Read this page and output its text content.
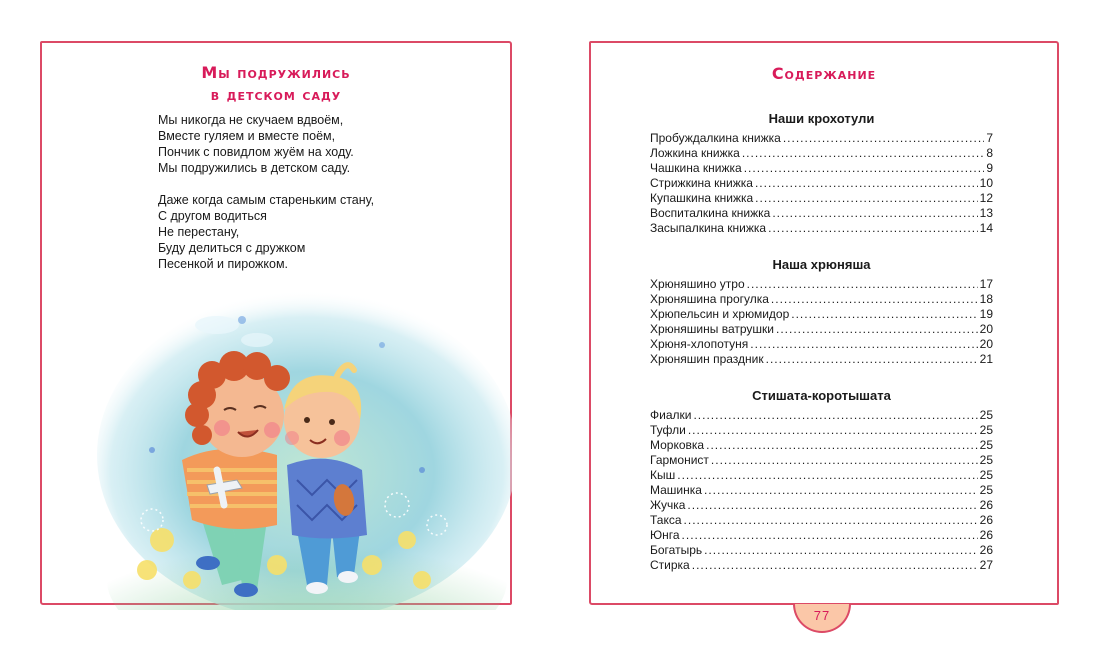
Мы подружились
в детском саду
Мы никогда не скучаем вдвоём,
Вместе гуляем и вместе поём,
Пончик с повидлом жуём на ходу.
Мы подружились в детском саду.
Даже когда самым стареньким стану,
С другом водиться
Не перестану,
Буду делиться с дружком
Песенкой и пирожком.
Содержание
Наши крохотули
Пробуждалкина книжка .....	7
Ложкина книжка .....	8
Чашкина книжка .....	9
Стрижкина книжка .....	10
Купашкина книжка .....	12
Воспиталкина книжка .....	13
Засыпалкина книжка .....	14
Наша хрюняша
Хрюняшино утро .....	17
Хрюняшина прогулка .....	18
Хрюпельсин и хрюмидор .....	19
Хрюняшины ватрушки .....	20
Хрюня-хлопотуня .....	20
Хрюняшин праздник .....	21
Стишата-коротышата
Фиалки .....	25
Туфли .....	25
Морковка .....	25
Гармонист .....	25
Кыш .....	25
Машинка .....	25
Жучка .....	26
Такса .....	26
Юнга .....	26
Богатырь .....	26
Стирка .....	27
77
